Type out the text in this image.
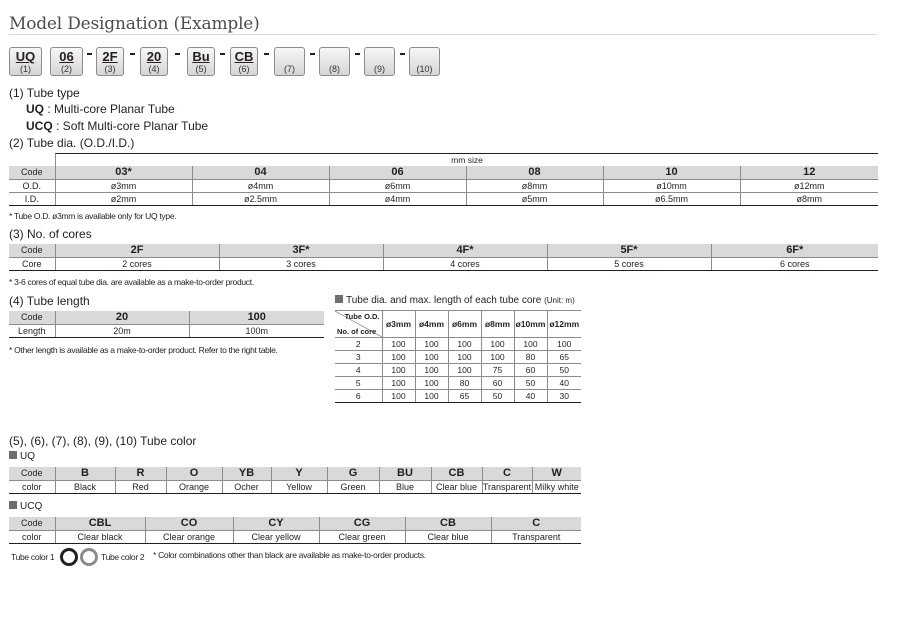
Model Designation (Example)
UQ
(1)
06
(2)
2F
(3)
20
(4)
Bu
(5)
CB
(6)	(7)	(8)	(9)	(10)
(1) Tube type
UQ : Multi-core Planar Tube
UCQ : Soft Multi-core Planar Tube
(2) Tube dia. (O.D./I.D.)
mm size
Code	03*	04	06	08	10	12
O.D.	ø3mm	ø4mm	ø6mm	ø8mm	ø10mm	ø12mm
I.D.	ø2mm	ø2.5mm	ø4mm	ø5mm	ø6.5mm	ø8mm
* Tube O.D. ø3mm is available only for UQ type.
(3) No. of cores
Code	2F	3F*	4F*	5F*	6F*
Core	2 cores	3 cores	4 cores	5 cores	6 cores
* 3-6 cores of equal tube dia. are available as a make-to-order product.
(4) Tube length
Code	20	100
Length	20m	100m
* Other length is available as a make-to-order product. Refer to the right table.
Tube dia. and max. length of each tube core (Unit: m)
Tube O.D.
No. of core	ø3mm	ø4mm	ø6mm	ø8mm	ø10mm	ø12mm
2	100	100	100	100	100	100
3	100	100	100	100	80	65
4	100	100	100	75	60	50
5	100	100	80	60	50	40
6	100	100	65	50	40	30
(5), (6), (7), (8), (9), (10) Tube color
UQ
Code	B	R	O	YB	Y	G	BU	CB	C	W
color	Black	Red	Orange	Ocher	Yellow	Green	Blue	Clear blue	Transparent	Milky white
UCQ
Code	CBL	CO	CY	CG	CB	C
color	Clear black	Clear orange	Clear yellow	Clear green	Clear blue	Transparent
Tube color 1	Tube color 2 * Color combinations other than black are available as make-to-order products.
